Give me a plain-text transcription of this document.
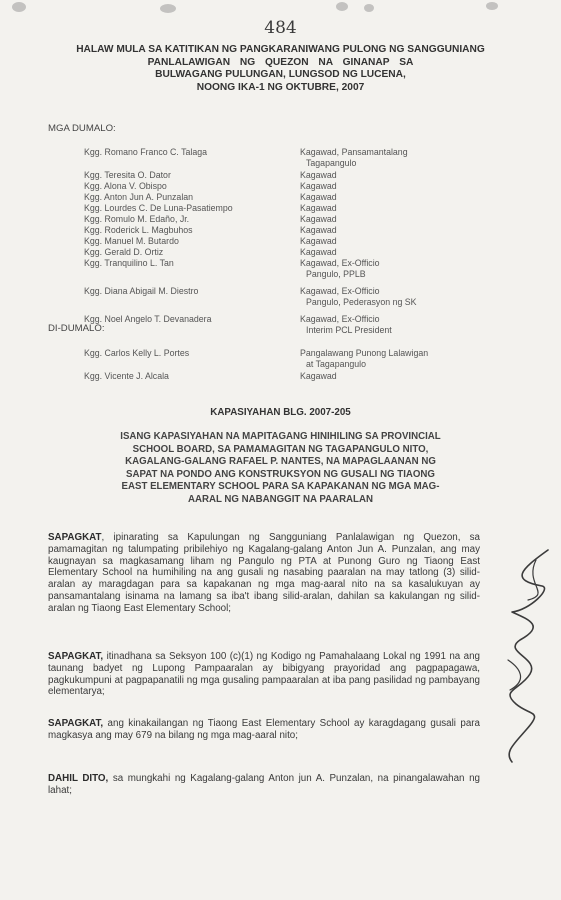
484
HALAW MULA SA KATITIKAN NG PANGKARANIWANG PULONG NG SANGGUNIANG
PANLALAWIGAN NG QUEZON NA GINANAP SA
BULWAGANG PULUNGAN, LUNGSOD NG LUCENA,
NOONG IKA-1 NG OKTUBRE, 2007
MGA DUMALO:
Kgg. Romano Franco C. Talaga	Kagawad, Pansamantalang
Tagapangulo
Kgg. Teresita O. Dator	Kagawad
Kgg. Alona V. Obispo	Kagawad
Kgg. Anton Jun A. Punzalan	Kagawad
Kgg. Lourdes C. De Luna-Pasatiempo	Kagawad
Kgg. Romulo M. Edaño, Jr.	Kagawad
Kgg. Roderick L. Magbuhos	Kagawad
Kgg. Manuel M. Butardo	Kagawad
Kgg. Gerald D. Ortiz	Kagawad
Kgg. Tranquilino L. Tan	Kagawad, Ex-Officio
Pangulo, PPLB
Kgg. Diana Abigail M. Diestro	Kagawad, Ex-Officio
Pangulo, Pederasyon ng SK
Kgg. Noel Angelo T. Devanadera	Kagawad, Ex-Officio
Interim PCL President
DI-DUMALO:
Kgg. Carlos Kelly L. Portes	Pangalawang Punong Lalawigan
at Tagapangulo
Kgg. Vicente J. Alcala	Kagawad
KAPASIYAHAN BLG. 2007-205
ISANG KAPASIYAHAN NA MAPITAGANG HINIHILING SA PROVINCIAL
SCHOOL BOARD, SA PAMAMAGITAN NG TAGAPANGULO NITO,
KAGALANG-GALANG RAFAEL P. NANTES, NA MAPAGLAANAN NG
SAPAT NA PONDO ANG KONSTRUKSYON NG GUSALI NG TIAONG
EAST ELEMENTARY SCHOOL PARA SA KAPAKANAN NG MGA MAG-
AARAL NG NABANGGIT NA PAARALAN
SAPAGKAT, ipinarating sa Kapulungan ng Sangguniang Panlalawigan ng Quezon, sa pamamagitan ng talumpating pribilehiyo ng Kagalang-galang Anton Jun A. Punzalan, ang may kaugnayan sa magkasamang liham ng Pangulo ng PTA at Punong Guro ng Tiaong East Elementary School na humihiling na ang gusali ng nasabing paaralan na may tatlong (3) silid-aralan ay maragdagan para sa kapakanan ng mga mag-aaral nito na sa kasalukuyan ay pansamantalang isinama na lamang sa iba't ibang silid-aralan, dahilan sa kakulangan ng silid-aralan ng Tiaong East Elementary School;
SAPAGKAT, itinadhana sa Seksyon 100 (c)(1) ng Kodigo ng Pamahalaang Lokal ng 1991 na ang taunang badyet ng Lupong Pampaaralan ay bibigyang prayoridad ang pagpapagawa, pagkukumpuni at pagpapanatili ng mga gusaling pampaaralan at iba pang pasilidad ng pambayang elementarya;
SAPAGKAT, ang kinakailangan ng Tiaong East Elementary School ay karagdagang gusali para magkasya ang may 679 na bilang ng mga mag-aaral nito;
DAHIL DITO, sa mungkahi ng Kagalang-galang Anton jun A. Punzalan, na pinangalawahan ng lahat;
